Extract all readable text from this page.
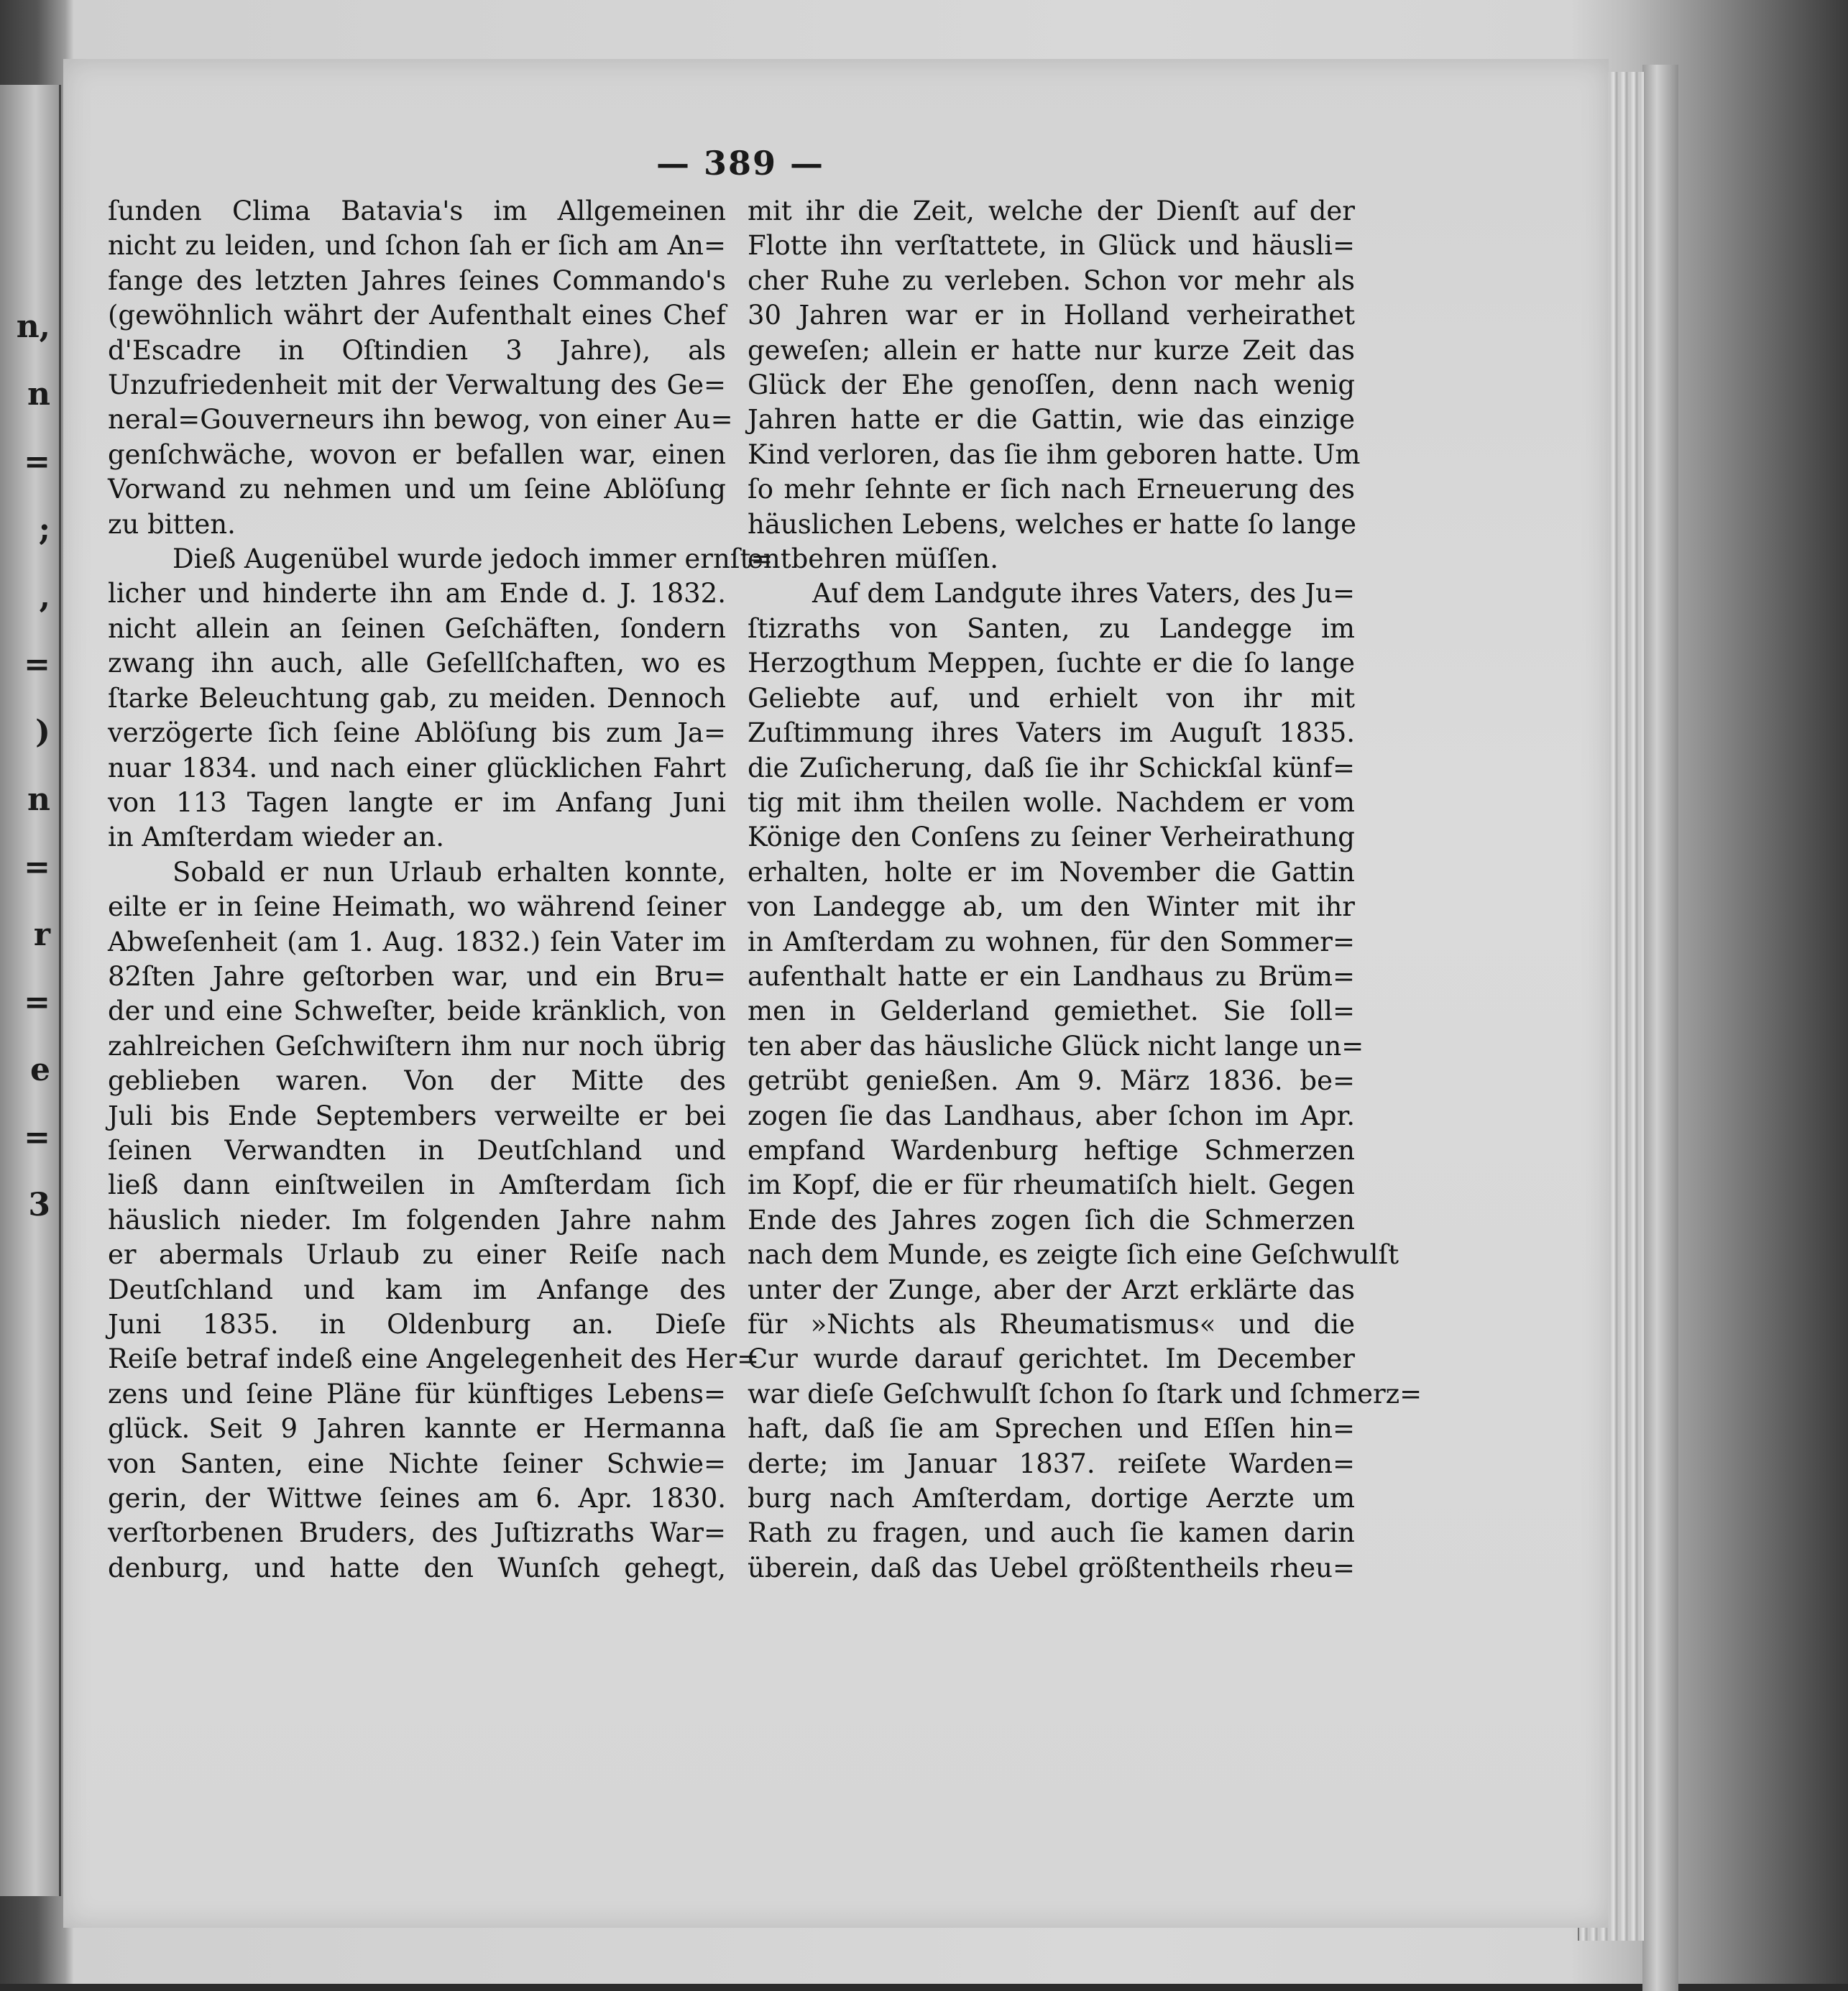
n,
n
=
;
,
=
)
n
=
r
=
e
=
3
— 389 —
ſunden Clima Batavia's im Allgemeinen
nicht zu leiden, und ſchon ſah er ſich am An=
fange des letzten Jahres ſeines Commando's
(gewöhnlich währt der Aufenthalt eines Chef
d'Escadre in Oſtindien 3 Jahre), als
Unzufriedenheit mit der Verwaltung des Ge=
neral=Gouverneurs ihn bewog, von einer Au=
genſchwäche, wovon er befallen war, einen
Vorwand zu nehmen und um ſeine Ablöſung
zu bitten.
Dieß Augenübel wurde jedoch immer ernſt=
licher und hinderte ihn am Ende d. J. 1832.
nicht allein an ſeinen Geſchäften, ſondern
zwang ihn auch, alle Geſellſchaften, wo es
ſtarke Beleuchtung gab, zu meiden. Dennoch
verzögerte ſich ſeine Ablöſung bis zum Ja=
nuar 1834. und nach einer glücklichen Fahrt
von 113 Tagen langte er im Anfang Juni
in Amſterdam wieder an.
Sobald er nun Urlaub erhalten konnte,
eilte er in ſeine Heimath, wo während ſeiner
Abweſenheit (am 1. Aug. 1832.) ſein Vater im
82ſten Jahre geſtorben war, und ein Bru=
der und eine Schweſter, beide kränklich, von
zahlreichen Geſchwiſtern ihm nur noch übrig
geblieben waren. Von der Mitte des
Juli bis Ende Septembers verweilte er bei
ſeinen Verwandten in Deutſchland und
ließ dann einſtweilen in Amſterdam ſich
häuslich nieder. Im folgenden Jahre nahm
er abermals Urlaub zu einer Reiſe nach
Deutſchland und kam im Anfange des
Juni 1835. in Oldenburg an. Dieſe
Reiſe betraf indeß eine Angelegenheit des Her=
zens und ſeine Pläne für künftiges Lebens=
glück. Seit 9 Jahren kannte er Hermanna
von Santen, eine Nichte ſeiner Schwie=
gerin, der Wittwe ſeines am 6. Apr. 1830.
verſtorbenen Bruders, des Juſtizraths War=
denburg, und hatte den Wunſch gehegt,
mit ihr die Zeit, welche der Dienſt auf der
Flotte ihn verſtattete, in Glück und häusli=
cher Ruhe zu verleben. Schon vor mehr als
30 Jahren war er in Holland verheirathet
geweſen; allein er hatte nur kurze Zeit das
Glück der Ehe genoſſen, denn nach wenig
Jahren hatte er die Gattin, wie das einzige
Kind verloren, das ſie ihm geboren hatte. Um
ſo mehr ſehnte er ſich nach Erneuerung des
häuslichen Lebens, welches er hatte ſo lange
entbehren müſſen.
Auf dem Landgute ihres Vaters, des Ju=
ſtizraths von Santen, zu Landegge im
Herzogthum Meppen, ſuchte er die ſo lange
Geliebte auf, und erhielt von ihr mit
Zuſtimmung ihres Vaters im Auguſt 1835.
die Zuſicherung, daß ſie ihr Schickſal künf=
tig mit ihm theilen wolle. Nachdem er vom
Könige den Conſens zu ſeiner Verheirathung
erhalten, holte er im November die Gattin
von Landegge ab, um den Winter mit ihr
in Amſterdam zu wohnen, für den Sommer=
aufenthalt hatte er ein Landhaus zu Brüm=
men in Gelderland gemiethet. Sie ſoll=
ten aber das häusliche Glück nicht lange un=
getrübt genießen. Am 9. März 1836. be=
zogen ſie das Landhaus, aber ſchon im Apr.
empfand Wardenburg heftige Schmerzen
im Kopf, die er für rheumatiſch hielt. Gegen
Ende des Jahres zogen ſich die Schmerzen
nach dem Munde, es zeigte ſich eine Geſchwulſt
unter der Zunge, aber der Arzt erklärte das
für »Nichts als Rheumatismus« und die
Cur wurde darauf gerichtet. Im December
war dieſe Geſchwulſt ſchon ſo ſtark und ſchmerz=
haft, daß ſie am Sprechen und Eſſen hin=
derte; im Januar 1837. reiſete Warden=
burg nach Amſterdam, dortige Aerzte um
Rath zu fragen, und auch ſie kamen darin
überein, daß das Uebel größtentheils rheu=
